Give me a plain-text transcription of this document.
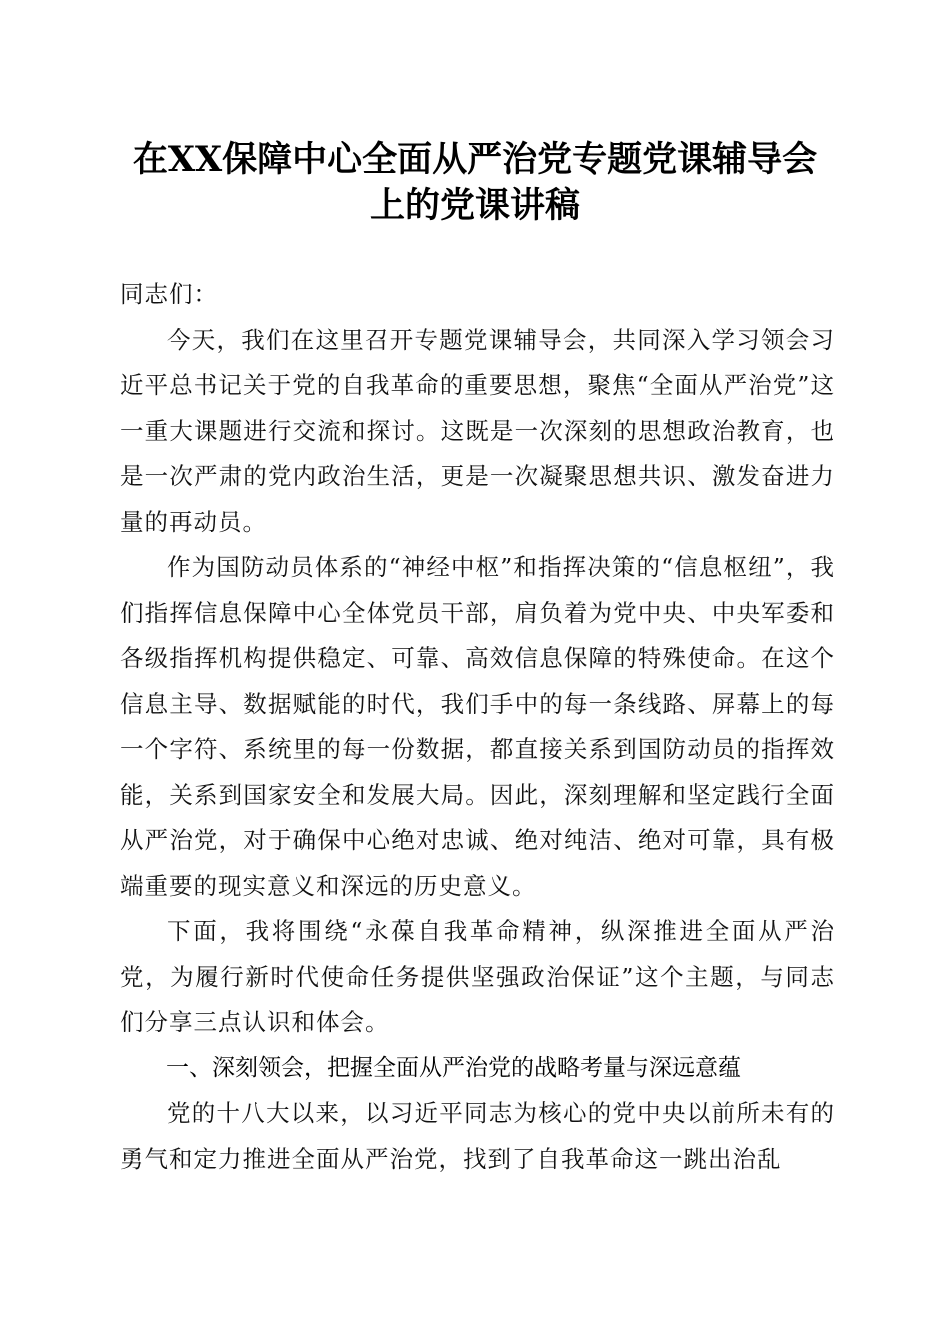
在XX保障中心全面从严治党专题党课辅导会
上的党课讲稿

同志们：

今天，我们在这里召开专题党课辅导会，共同深入学习领会习近平总书记关于党的自我革命的重要思想，聚焦“全面从严治党”这一重大课题进行交流和探讨。这既是一次深刻的思想政治教育，也是一次严肃的党内政治生活，更是一次凝聚思想共识、激发奋进力量的再动员。

作为国防动员体系的“神经中枢”和指挥决策的“信息枢纽”，我们指挥信息保障中心全体党员干部，肩负着为党中央、中央军委和各级指挥机构提供稳定、可靠、高效信息保障的特殊使命。在这个信息主导、数据赋能的时代，我们手中的每一条线路、屏幕上的每一个字符、系统里的每一份数据，都直接关系到国防动员的指挥效能，关系到国家安全和发展大局。因此，深刻理解和坚定践行全面从严治党，对于确保中心绝对忠诚、绝对纯洁、绝对可靠，具有极端重要的现实意义和深远的历史意义。

下面，我将围绕“永葆自我革命精神，纵深推进全面从严治党，为履行新时代使命任务提供坚强政治保证”这个主题，与同志们分享三点认识和体会。

一、深刻领会，把握全面从严治党的战略考量与深远意蕴

党的十八大以来，以习近平同志为核心的党中央以前所未有的勇气和定力推进全面从严治党，找到了自我革命这一跳出治乱
